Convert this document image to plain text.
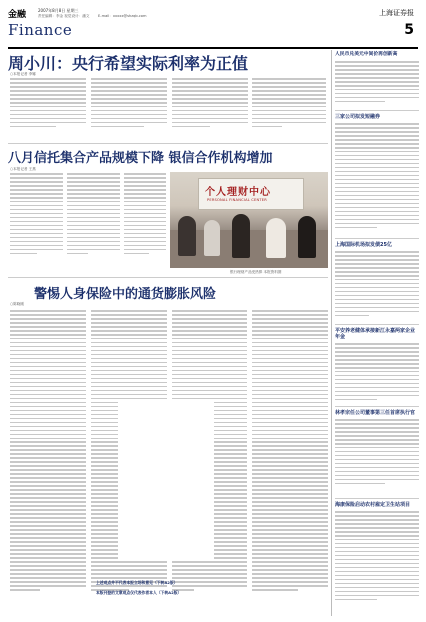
金融	2007年8月8日 星期三
责任编辑：李金 视觉设计：潘文 E-mail：xxxxx@shzqb.com	上海证券报
Finance	5
周小川：央行希望实际利率为正值
○本报记者 李娜
八月信托集合产品规模下降 银信合作机构增加
○本报记者 王燕
个人理财中心
PERSONAL FINANCIAL CENTER
银行理财产品受热捧 本报资料图
警惕人身保险中的通货膨胀风险
○陈晓刚
上述观点并不代表本报立场和意见（下转A2版）
本版刊登的文章观点仅代表作者本人（下转A2版）
人民币兑美元中间价再创新高
三家公司拟发短融券
上海国际机场拟发债25亿
平安养老健体承接新江永嘉两家企业年金
林孝宗任公司董事第三任首席执行官
海康保险启动农村雇定卫生站项目
